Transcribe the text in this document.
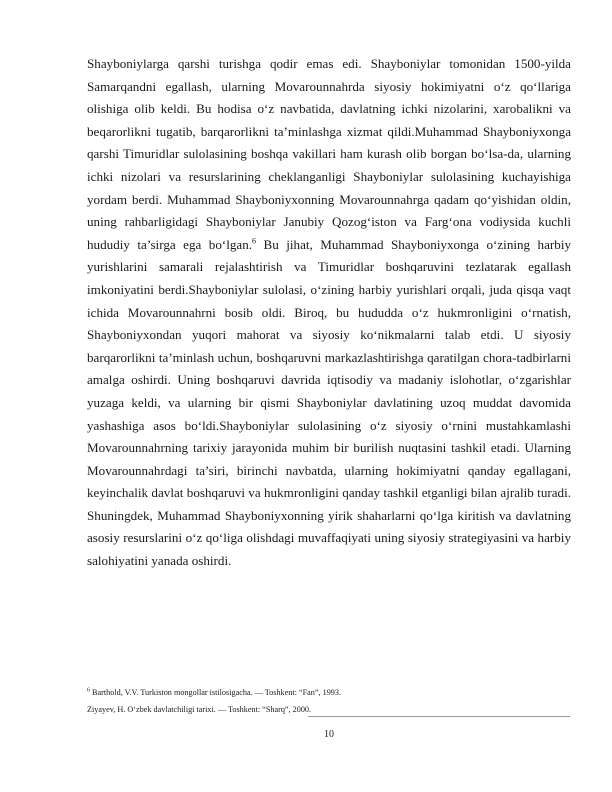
Shayboniylarga qarshi turishga qodir emas edi. Shayboniylar tomonidan 1500-yilda Samarqandni egallash, ularning Movarounnahrda siyosiy hokimiyatni o‘z qo‘llariga olishiga olib keldi. Bu hodisa o‘z navbatida, davlatning ichki nizolarini, xarobalikni va beqarorlikni tugatib, barqarorlikni ta’minlashga xizmat qildi.Muhammad Shayboniyxonga qarshi Timuridlar sulolasining boshqa vakillari ham kurash olib borgan bo‘lsa-da, ularning ichki nizolari va resurslarining cheklanganligi Shayboniylar sulolasining kuchayishiga yordam berdi. Muhammad Shayboniyxonning Movarounnahrga qadam qo‘yishidan oldin, uning rahbarligidagi Shayboniylar Janubiy Qozog‘iston va Farg‘ona vodiysida kuchli hududiy ta’sirga ega bo‘lgan.$^6$ Bu jihat, Muhammad Shayboniyxonga o‘zining harbiy yurishlarini samarali rejalashtirish va Timuridlar boshqaruvini tezlatarak egallash imkoniyatini berdi.Shayboniylar sulolasi, o‘zining harbiy yurishlari orqali, juda qisqa vaqt ichida Movarounnahrni bosib oldi. Biroq, bu hududda o‘z hukmronligini o‘rnatish, Shayboniyxondan yuqori mahorat va siyosiy ko‘nikmalarni talab etdi. U siyosiy barqarorlikni ta’minlash uchun, boshqaruvni markazlashtirishga qaratilgan chora-tadbirlarni amalga oshirdi. Uning boshqaruvi davrida iqtisodiy va madaniy islohotlar, o‘zgarishlar yuzaga keldi, va ularning bir qismi Shayboniylar davlatining uzoq muddat davomida yashashiga asos bo‘ldi.Shayboniylar sulolasining o‘z siyosiy o‘rnini mustahkamlashi Movarounnahrning tarixiy jarayonida muhim bir burilish nuqtasini tashkil etadi. Ularning Movarounnahrdagi ta’siri, birinchi navbatda, ularning hokimiyatni qanday egallagani, keyinchalik davlat boshqaruvi va hukmronligini qanday tashkil etganligi bilan ajralib turadi. Shuningdek, Muhammad Shayboniyxonning yirik shaharlarni qo‘lga kiritish va davlatning asosiy resurslarini o‘z qo‘liga olishdagi muvaffaqiyati uning siyosiy strategiyasini va harbiy salohiyatini yanada oshirdi.

$^6$ Barthold, V.V. Turkiston mongollar istilosigacha. — Toshkent: “Fan”, 1993.
Ziyayev, H. O‘zbek davlatchiligi tarixi. — Toshkent: “Sharq”, 2000.
10
